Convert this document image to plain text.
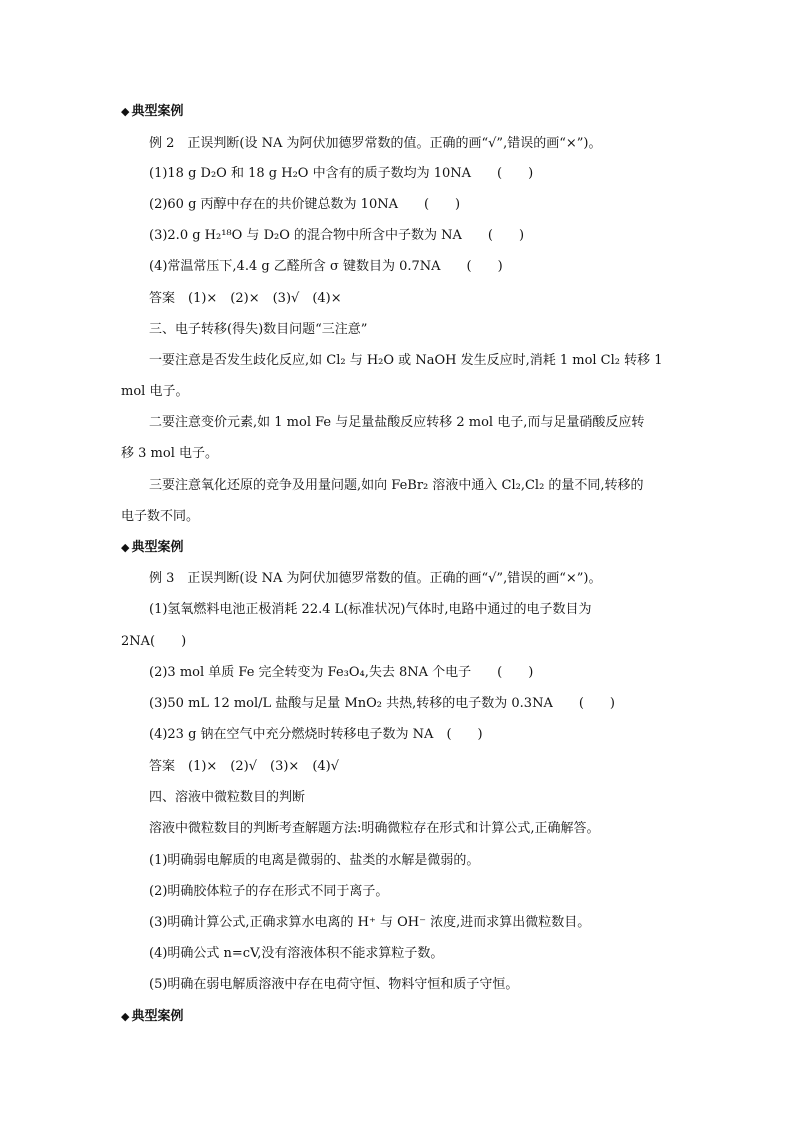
◆ 典型案例
例 2　正误判断(设 NA 为阿伏加德罗常数的值。正确的画“√”,错误的画“×”)。
(1)18 g D₂O 和 18 g H₂O 中含有的质子数均为 10NA　　(　　)
(2)60 g 丙醇中存在的共价键总数为 10NA　　(　　)
(3)2.0 g H₂¹⁸O 与 D₂O 的混合物中所含中子数为 NA　　(　　)
(4)常温常压下,4.4 g 乙醛所含 σ 键数目为 0.7NA　　(　　)
答案　(1)×　(2)×　(3)√　(4)×
三、电子转移(得失)数目问题“三注意”
一要注意是否发生歧化反应,如 Cl₂ 与 H₂O 或 NaOH 发生反应时,消耗 1 mol Cl₂ 转移 1
mol 电子。
二要注意变价元素,如 1 mol Fe 与足量盐酸反应转移 2 mol 电子,而与足量硝酸反应转
移 3 mol 电子。
三要注意氧化还原的竞争及用量问题,如向 FeBr₂ 溶液中通入 Cl₂,Cl₂ 的量不同,转移的
电子数不同。
◆ 典型案例
例 3　正误判断(设 NA 为阿伏加德罗常数的值。正确的画“√”,错误的画“×”)。
(1)氢氧燃料电池正极消耗 22.4 L(标准状况)气体时,电路中通过的电子数目为
2NA(　　)
(2)3 mol 单质 Fe 完全转变为 Fe₃O₄,失去 8NA 个电子　　(　　)
(3)50 mL 12 mol/L 盐酸与足量 MnO₂ 共热,转移的电子数为 0.3NA　　(　　)
(4)23 g 钠在空气中充分燃烧时转移电子数为 NA　(　　)
答案　(1)×　(2)√　(3)×　(4)√
四、溶液中微粒数目的判断
溶液中微粒数目的判断考查解题方法:明确微粒存在形式和计算公式,正确解答。
(1)明确弱电解质的电离是微弱的、盐类的水解是微弱的。
(2)明确胶体粒子的存在形式不同于离子。
(3)明确计算公式,正确求算水电离的 H⁺ 与 OH⁻ 浓度,进而求算出微粒数目。
(4)明确公式 n=cV,没有溶液体积不能求算粒子数。
(5)明确在弱电解质溶液中存在电荷守恒、物料守恒和质子守恒。
◆ 典型案例
